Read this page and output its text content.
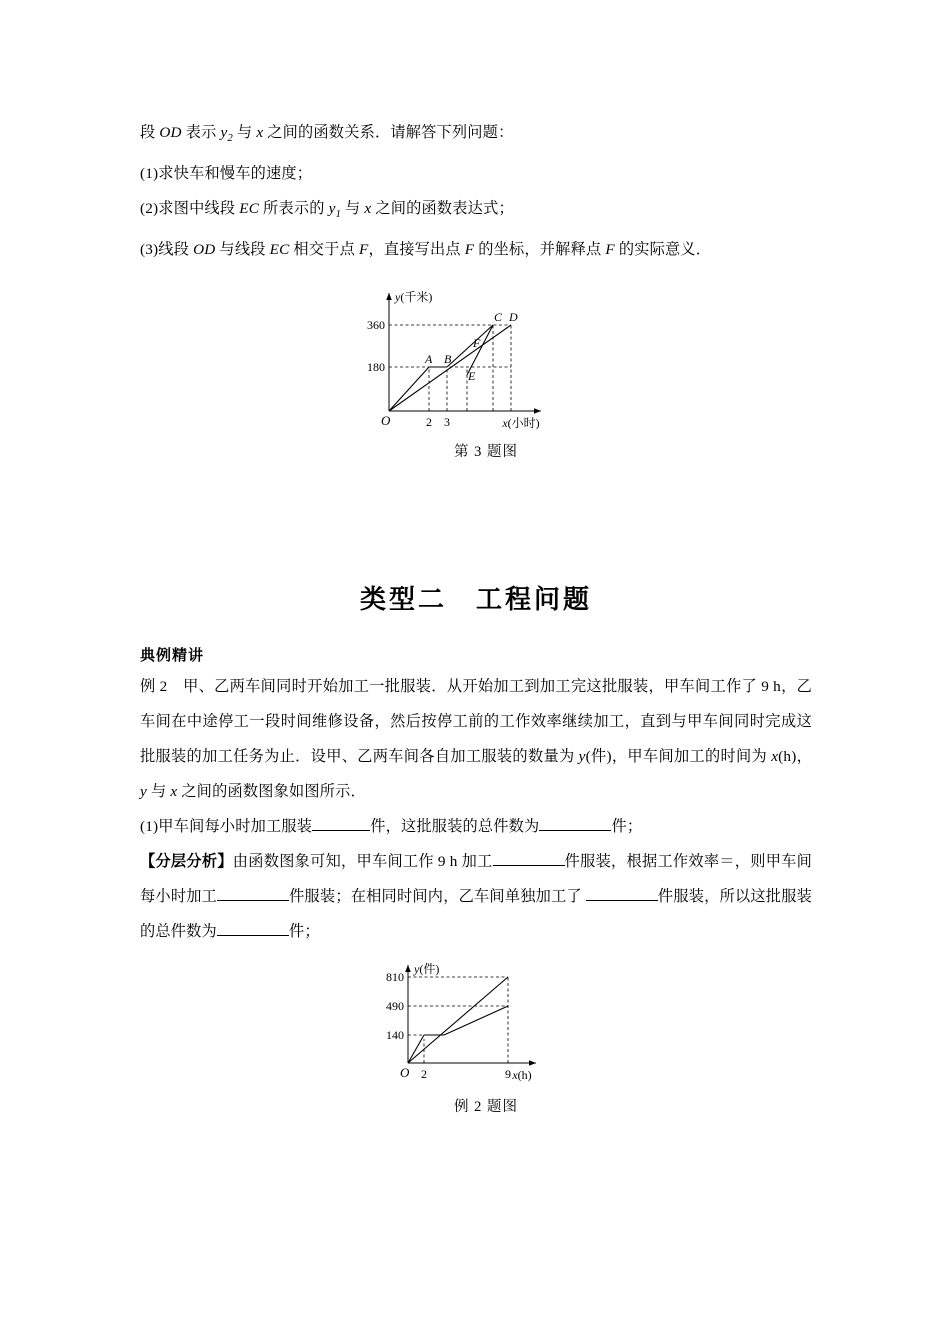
段 OD 表示 $y_2$ 与 x 之间的函数关系．请解答下列问题：
(1)求快车和慢车的速度；
(2)求图中线段 EC 所表示的 $y_1$ 与 x 之间的函数表达式；
(3)线段 OD 与线段 EC 相交于点 F，直接写出点 F 的坐标，并解释点 F 的实际意义．
360
180
2 3
O
y(千米)
x(小时)
A B
C D
E
F
第 3 题图
类型二　工程问题
典例精讲
例 2　甲、乙两车间同时开始加工一批服装．从开始加工到加工完这批服装，甲车间工作了 9 h，乙车间在中途停工一段时间维修设备，然后按停工前的工作效率继续加工，直到与甲车间同时完成这批服装的加工任务为止．设甲、乙两车间各自加工服装的数量为 y(件)，甲车间加工的时间为 x(h)，y 与 x 之间的函数图象如图所示．
(1)甲车间每小时加工服装	件，这批服装的总件数为	件；
【分层分析】由函数图象可知，甲车间工作 9 h 加工	件服装，根据工作效率＝，则甲车间每小时加工	件服装；在相同时间内，乙车间单独加工了	件服装，所以这批服装的总件数为	件；
810
490
140
2	9
O
y(件)
x(h)
例 2 题图
